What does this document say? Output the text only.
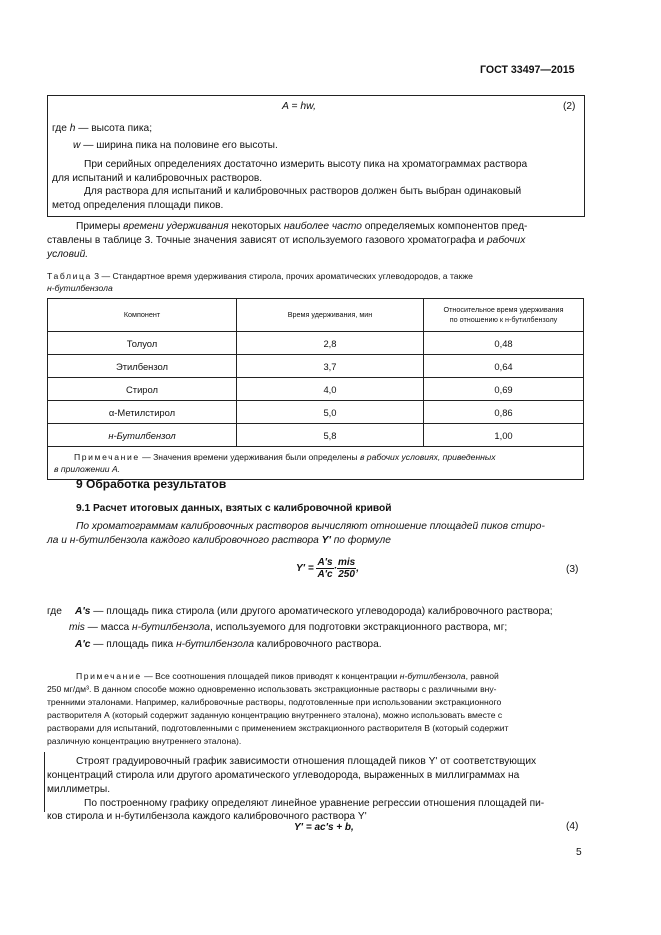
ГОСТ 33497—2015
A = hw,	(2)
где h — высота пика;
w — ширина пика на половине его высоты.
При серийных определениях достаточно измерить высоту пика на хроматограммах раствора
для испытаний и калибровочных растворов.
Для раствора для испытаний и калибровочных растворов должен быть выбран одинаковый
метод определения площади пиков.
Примеры времени удерживания некоторых наиболее часто определяемых компонентов пред-
ставлены в таблице 3. Точные значения зависят от используемого газового хроматографа и рабочих
условий.
Таблица 3 — Стандартное время удерживания стирола, прочих ароматических углеводородов, а также
н-бутилбензола
Компонент	Время удерживания, мин	Относительное время удерживания
по отношению к н-бутилбензолу
Толуол	2,8	0,48
Этилбензол	3,7	0,64
Стирол	4,0	0,69
α-Метилстирол	5,0	0,86
н-Бутилбензол	5,8	1,00
Примечание — Значения времени удерживания были определены в рабочих условиях, приведенных
в приложении А.		
9 Обработка результатов
9.1 Расчет итоговых данных, взятых с калибровочной кривой
По хроматограммам калибровочных растворов вычисляют отношение площадей пиков стиро-
ла и н-бутилбензола каждого калибровочного раствора Y' по формуле
$Y' = \frac{A's}{A'c} \cdot \frac{\text{mis}}{250}$ ,	(3)
где A's — площадь пика стирола (или другого ароматического углеводорода) калибровочного раствора;
mis — масса н-бутилбензола, используемого для подготовки экстракционного раствора, мг;
A'c — площадь пика н-бутилбензола калибровочного раствора.
Примечание — Все соотношения площадей пиков приводят к концентрации н-бутилбензола, равной
250 мг/дм³. В данном способе можно одновременно использовать экстракционные растворы с различными вну-
тренними эталонами. Например, калибровочные растворы, подготовленные при использовании экстракционного
растворителя А (который содержит заданную концентрацию внутреннего эталона), можно использовать вместе с
растворами для испытаний, подготовленными с применением экстракционного растворителя В (который содержит
различную концентрацию внутреннего эталона).
Строят градуировочный график зависимости отношения площадей пиков Y' от соответствующих
концентраций стирола или другого ароматического углеводорода, выраженных в миллиграммах на
миллиметры.
По построенному графику определяют линейное уравнение регрессии отношения площадей пи-
ков стирола и н-бутилбензола каждого калибровочного раствора Y'
Y' = ac's + b,	(4)
5
